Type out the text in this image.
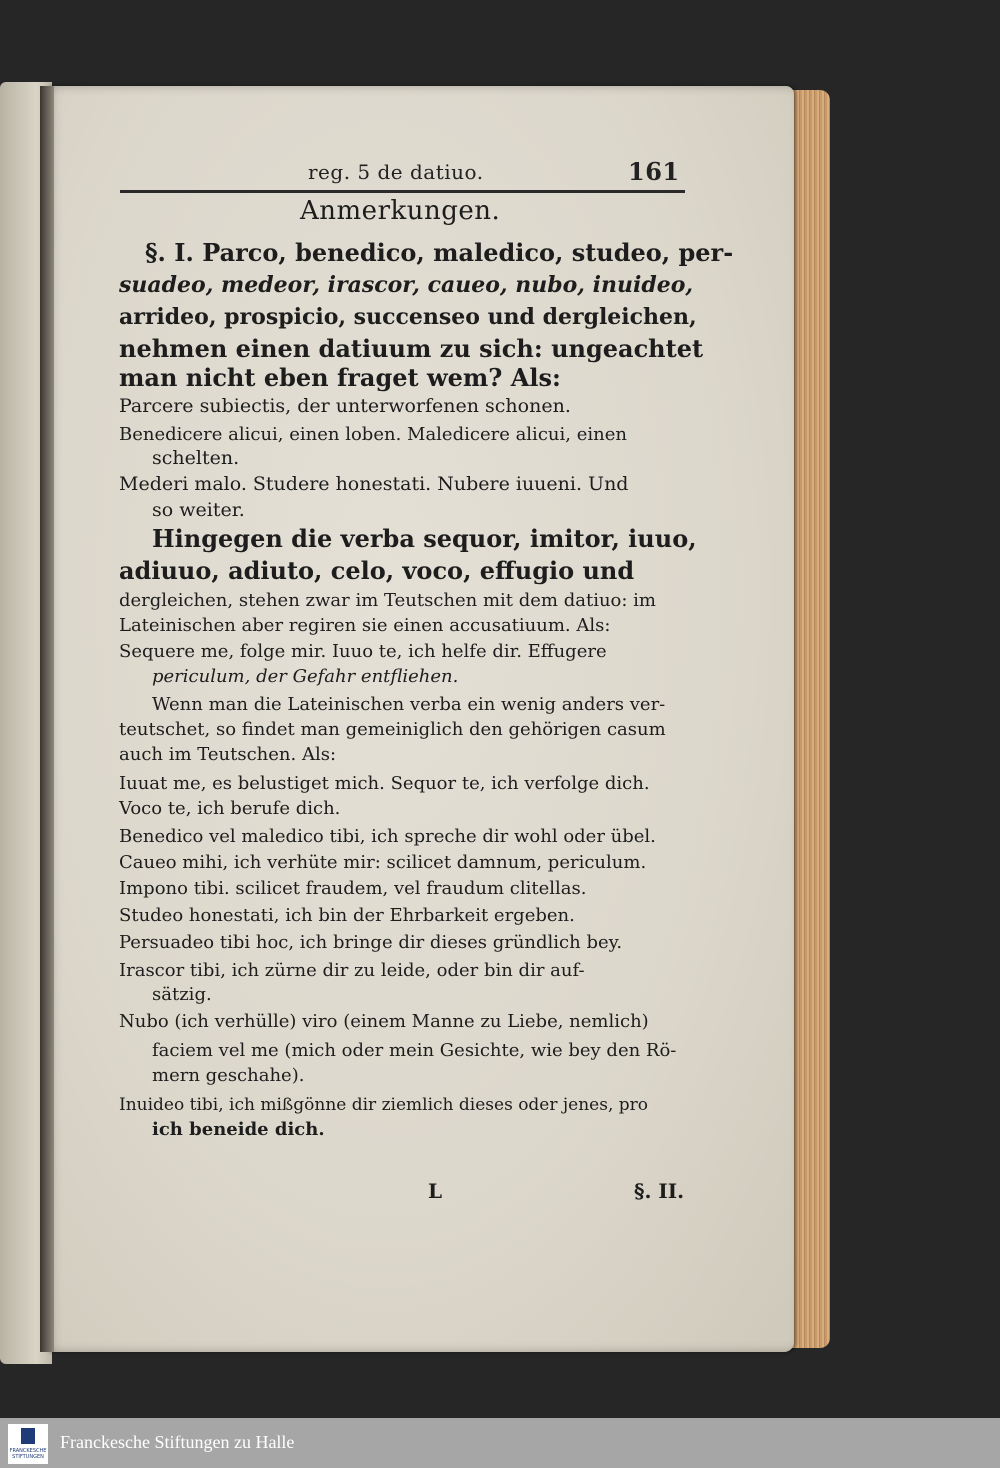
reg. 5 de datiuo.	161
Anmerkungen.
§. I. Parco, benedico, maledico, studeo, per-
suadeo, medeor, irascor, caueo, nubo, inuideo,
arrideo, prospicio, succenseo und dergleichen,
nehmen einen datiuum zu sich: ungeachtet
man nicht eben fraget wem? Als:
Parcere subiectis, der unterworfenen schonen.
Benedicere alicui, einen loben. Maledicere alicui, einen
schelten.
Mederi malo. Studere honestati. Nubere iuueni. Und
so weiter.
Hingegen die verba sequor, imitor, iuuo,
adiuuo, adiuto, celo, voco, effugio und
dergleichen, stehen zwar im Teutschen mit dem datiuo: im
Lateinischen aber regiren sie einen accusatiuum. Als:
Sequere me, folge mir. Iuuo te, ich helfe dir. Effugere
periculum, der Gefahr entfliehen.
Wenn man die Lateinischen verba ein wenig anders ver-
teutschet, so findet man gemeiniglich den gehörigen casum
auch im Teutschen. Als:
Iuuat me, es belustiget mich. Sequor te, ich verfolge dich.
Voco te, ich berufe dich.
Benedico vel maledico tibi, ich spreche dir wohl oder übel.
Caueo mihi, ich verhüte mir: scilicet damnum, periculum.
Impono tibi. scilicet fraudem, vel fraudum clitellas.
Studeo honestati, ich bin der Ehrbarkeit ergeben.
Persuadeo tibi hoc, ich bringe dir dieses gründlich bey.
Irascor tibi, ich zürne dir zu leide, oder bin dir auf-
sätzig.
Nubo (ich verhülle) viro (einem Manne zu Liebe, nemlich)
faciem vel me (mich oder mein Gesichte, wie bey den Rö-
mern geschahe).
Inuideo tibi, ich mißgönne dir ziemlich dieses oder jenes, pro
ich beneide dich.
L	§. II.
FRANCKESCHE STIFTUNGEN
Franckesche Stiftungen zu Halle
